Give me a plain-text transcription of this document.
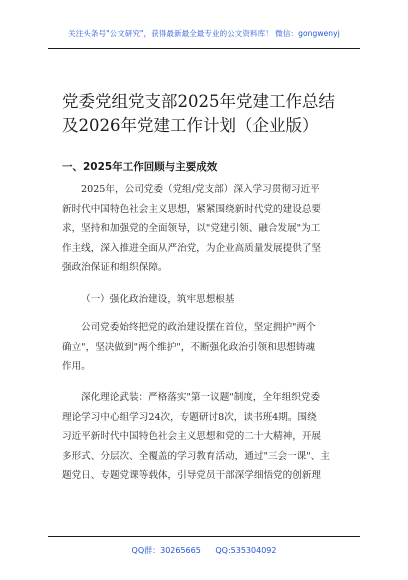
关注头条号"公文研究"，获得最新最全最专业的公文资料库！ 微信：gongwenyj
党委党组党支部2025年党建工作总结
及2026年党建工作计划（企业版）
一、2025年工作回顾与主要成效
2025年，公司党委（党组/党支部）深入学习贯彻习近平
新时代中国特色社会主义思想，紧紧围绕新时代党的建设总要
求，坚持和加强党的全面领导，以"党建引领、融合发展"为工
作主线，深入推进全面从严治党，为企业高质量发展提供了坚
强政治保证和组织保障。
（一）强化政治建设，筑牢思想根基
公司党委始终把党的政治建设摆在首位，坚定拥护"两个
确立"，坚决做到"两个维护"，不断强化政治引领和思想铸魂
作用。
深化理论武装：严格落实"第一议题"制度，全年组织党委
理论学习中心组学习24次，专题研讨8次，读书班4期。围绕
习近平新时代中国特色社会主义思想和党的二十大精神，开展
多形式、分层次、全覆盖的学习教育活动，通过"三会一课"、主
题党日、专题党课等载体，引导党员干部深学细悟党的创新理
QQ群：30265665 QQ:535304092
